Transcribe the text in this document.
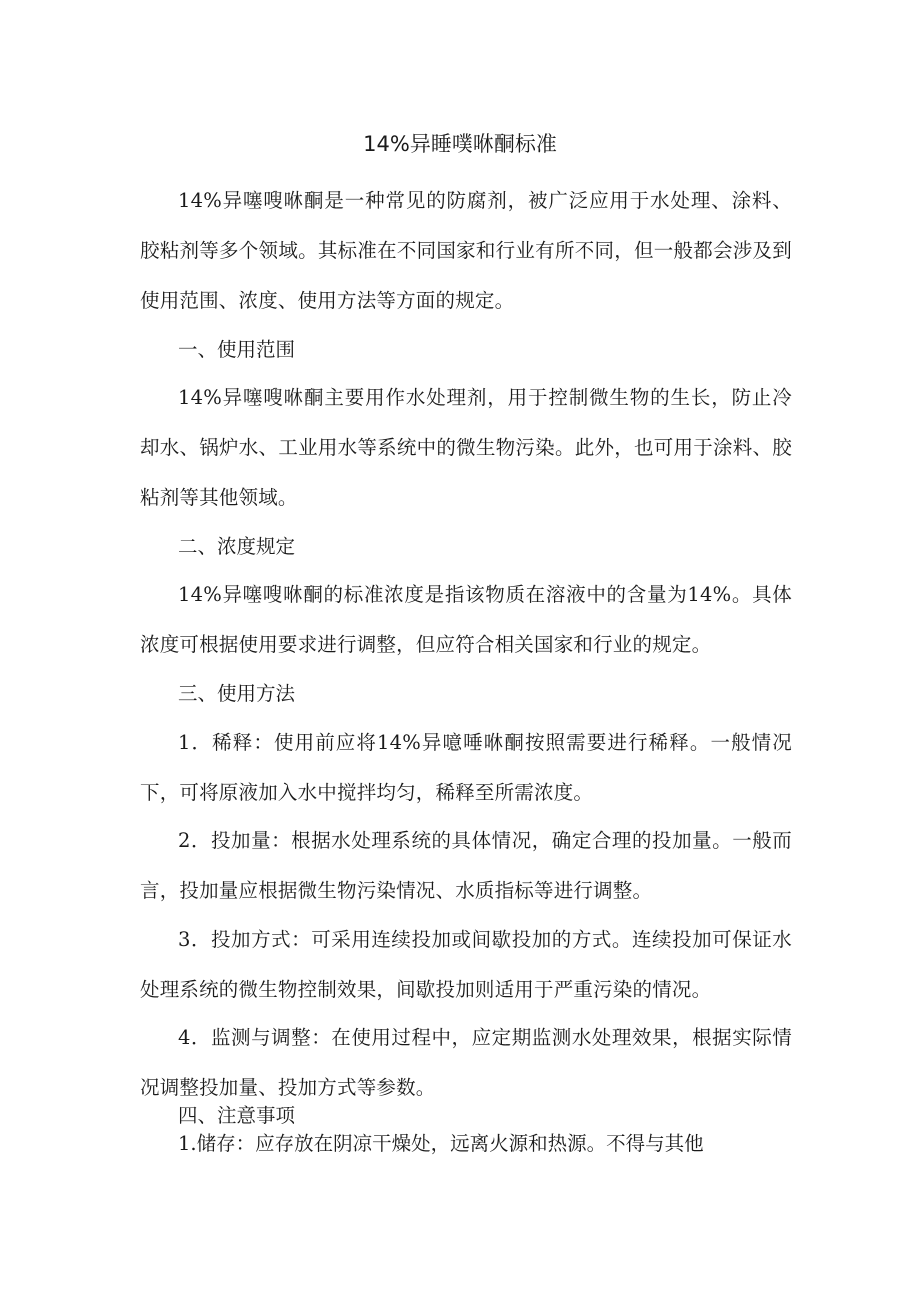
14%异睡噗咻酮标准

14%异噻嗖咻酮是一种常见的防腐剂，被广泛应用于水处理、涂料、胶粘剂等多个领域。其标准在不同国家和行业有所不同，但一般都会涉及到使用范围、浓度、使用方法等方面的规定。

一、使用范围

14%异噻嗖咻酮主要用作水处理剂，用于控制微生物的生长，防止冷却水、锅炉水、工业用水等系统中的微生物污染。此外，也可用于涂料、胶粘剂等其他领域。

二、浓度规定

14%异噻嗖咻酮的标准浓度是指该物质在溶液中的含量为14%。具体浓度可根据使用要求进行调整，但应符合相关国家和行业的规定。

三、使用方法

1．稀释：使用前应将14%异噫唾咻酮按照需要进行稀释。一般情况下，可将原液加入水中搅拌均匀，稀释至所需浓度。

2．投加量：根据水处理系统的具体情况，确定合理的投加量。一般而言，投加量应根据微生物污染情况、水质指标等进行调整。

3．投加方式：可采用连续投加或间歇投加的方式。连续投加可保证水处理系统的微生物控制效果，间歇投加则适用于严重污染的情况。

4．监测与调整：在使用过程中，应定期监测水处理效果，根据实际情况调整投加量、投加方式等参数。

四、注意事项

1.储存：应存放在阴凉干燥处，远离火源和热源。不得与其他
